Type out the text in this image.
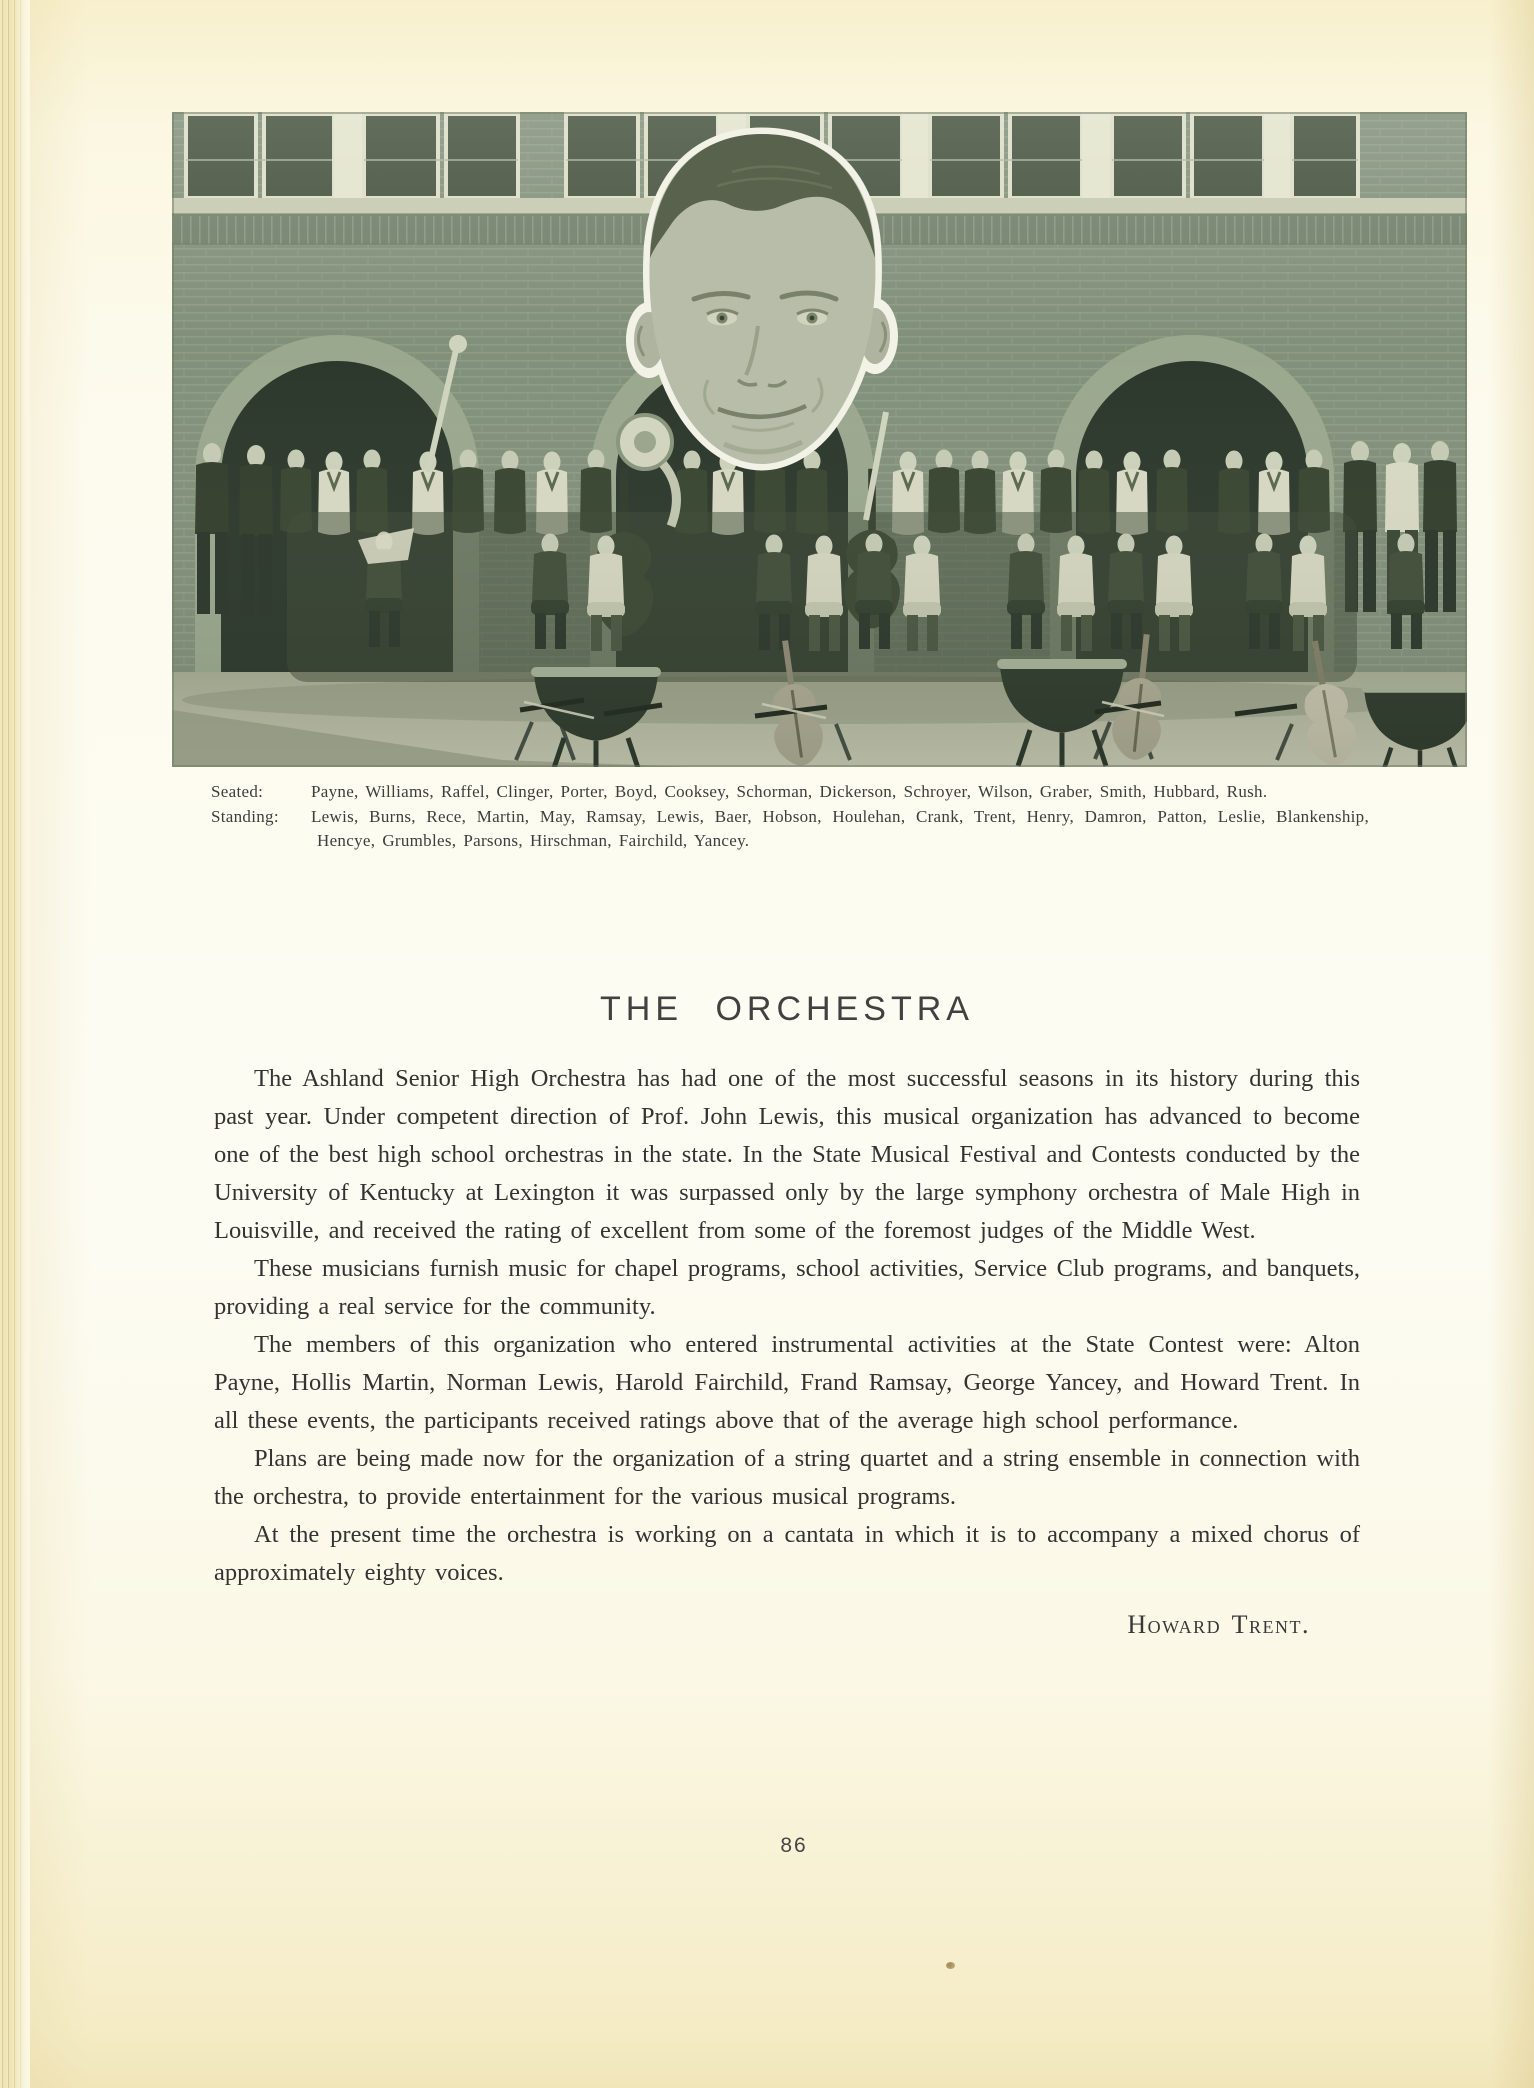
Seated:	Payne, Williams, Raffel, Clinger, Porter, Boyd, Cooksey, Schorman, Dickerson, Schroyer, Wilson, Graber, Smith, Hubbard, Rush.
Standing: Lewis, Burns, Rece, Martin, May, Ramsay, Lewis, Baer, Hobson, Houlehan, Crank, Trent, Henry, Damron, Patton, Leslie, Blankenship, Hencye, Grumbles, Parsons, Hirschman, Fairchild, Yancey.
THE ORCHESTRA

The Ashland Senior High Orchestra has had one of the most successful seasons in its history during this past year. Under competent direction of Prof. John Lewis, this musical organization has advanced to become one of the best high school orchestras in the state. In the State Musical Festival and Contests conducted by the University of Kentucky at Lexington it was surpassed only by the large symphony orchestra of Male High in Louisville, and received the rating of excellent from some of the foremost judges of the Middle West.

These musicians furnish music for chapel programs, school activities, Service Club programs, and banquets, providing a real service for the community.

The members of this organization who entered instrumental activities at the State Contest were: Alton Payne, Hollis Martin, Norman Lewis, Harold Fairchild, Frand Ramsay, George Yancey, and Howard Trent. In all these events, the participants received ratings above that of the average high school performance.

Plans are being made now for the organization of a string quartet and a string ensemble in connection with the orchestra, to provide entertainment for the various musical programs.

At the present time the orchestra is working on a cantata in which it is to accompany a mixed chorus of approximately eighty voices.

Howard Trent.
86
